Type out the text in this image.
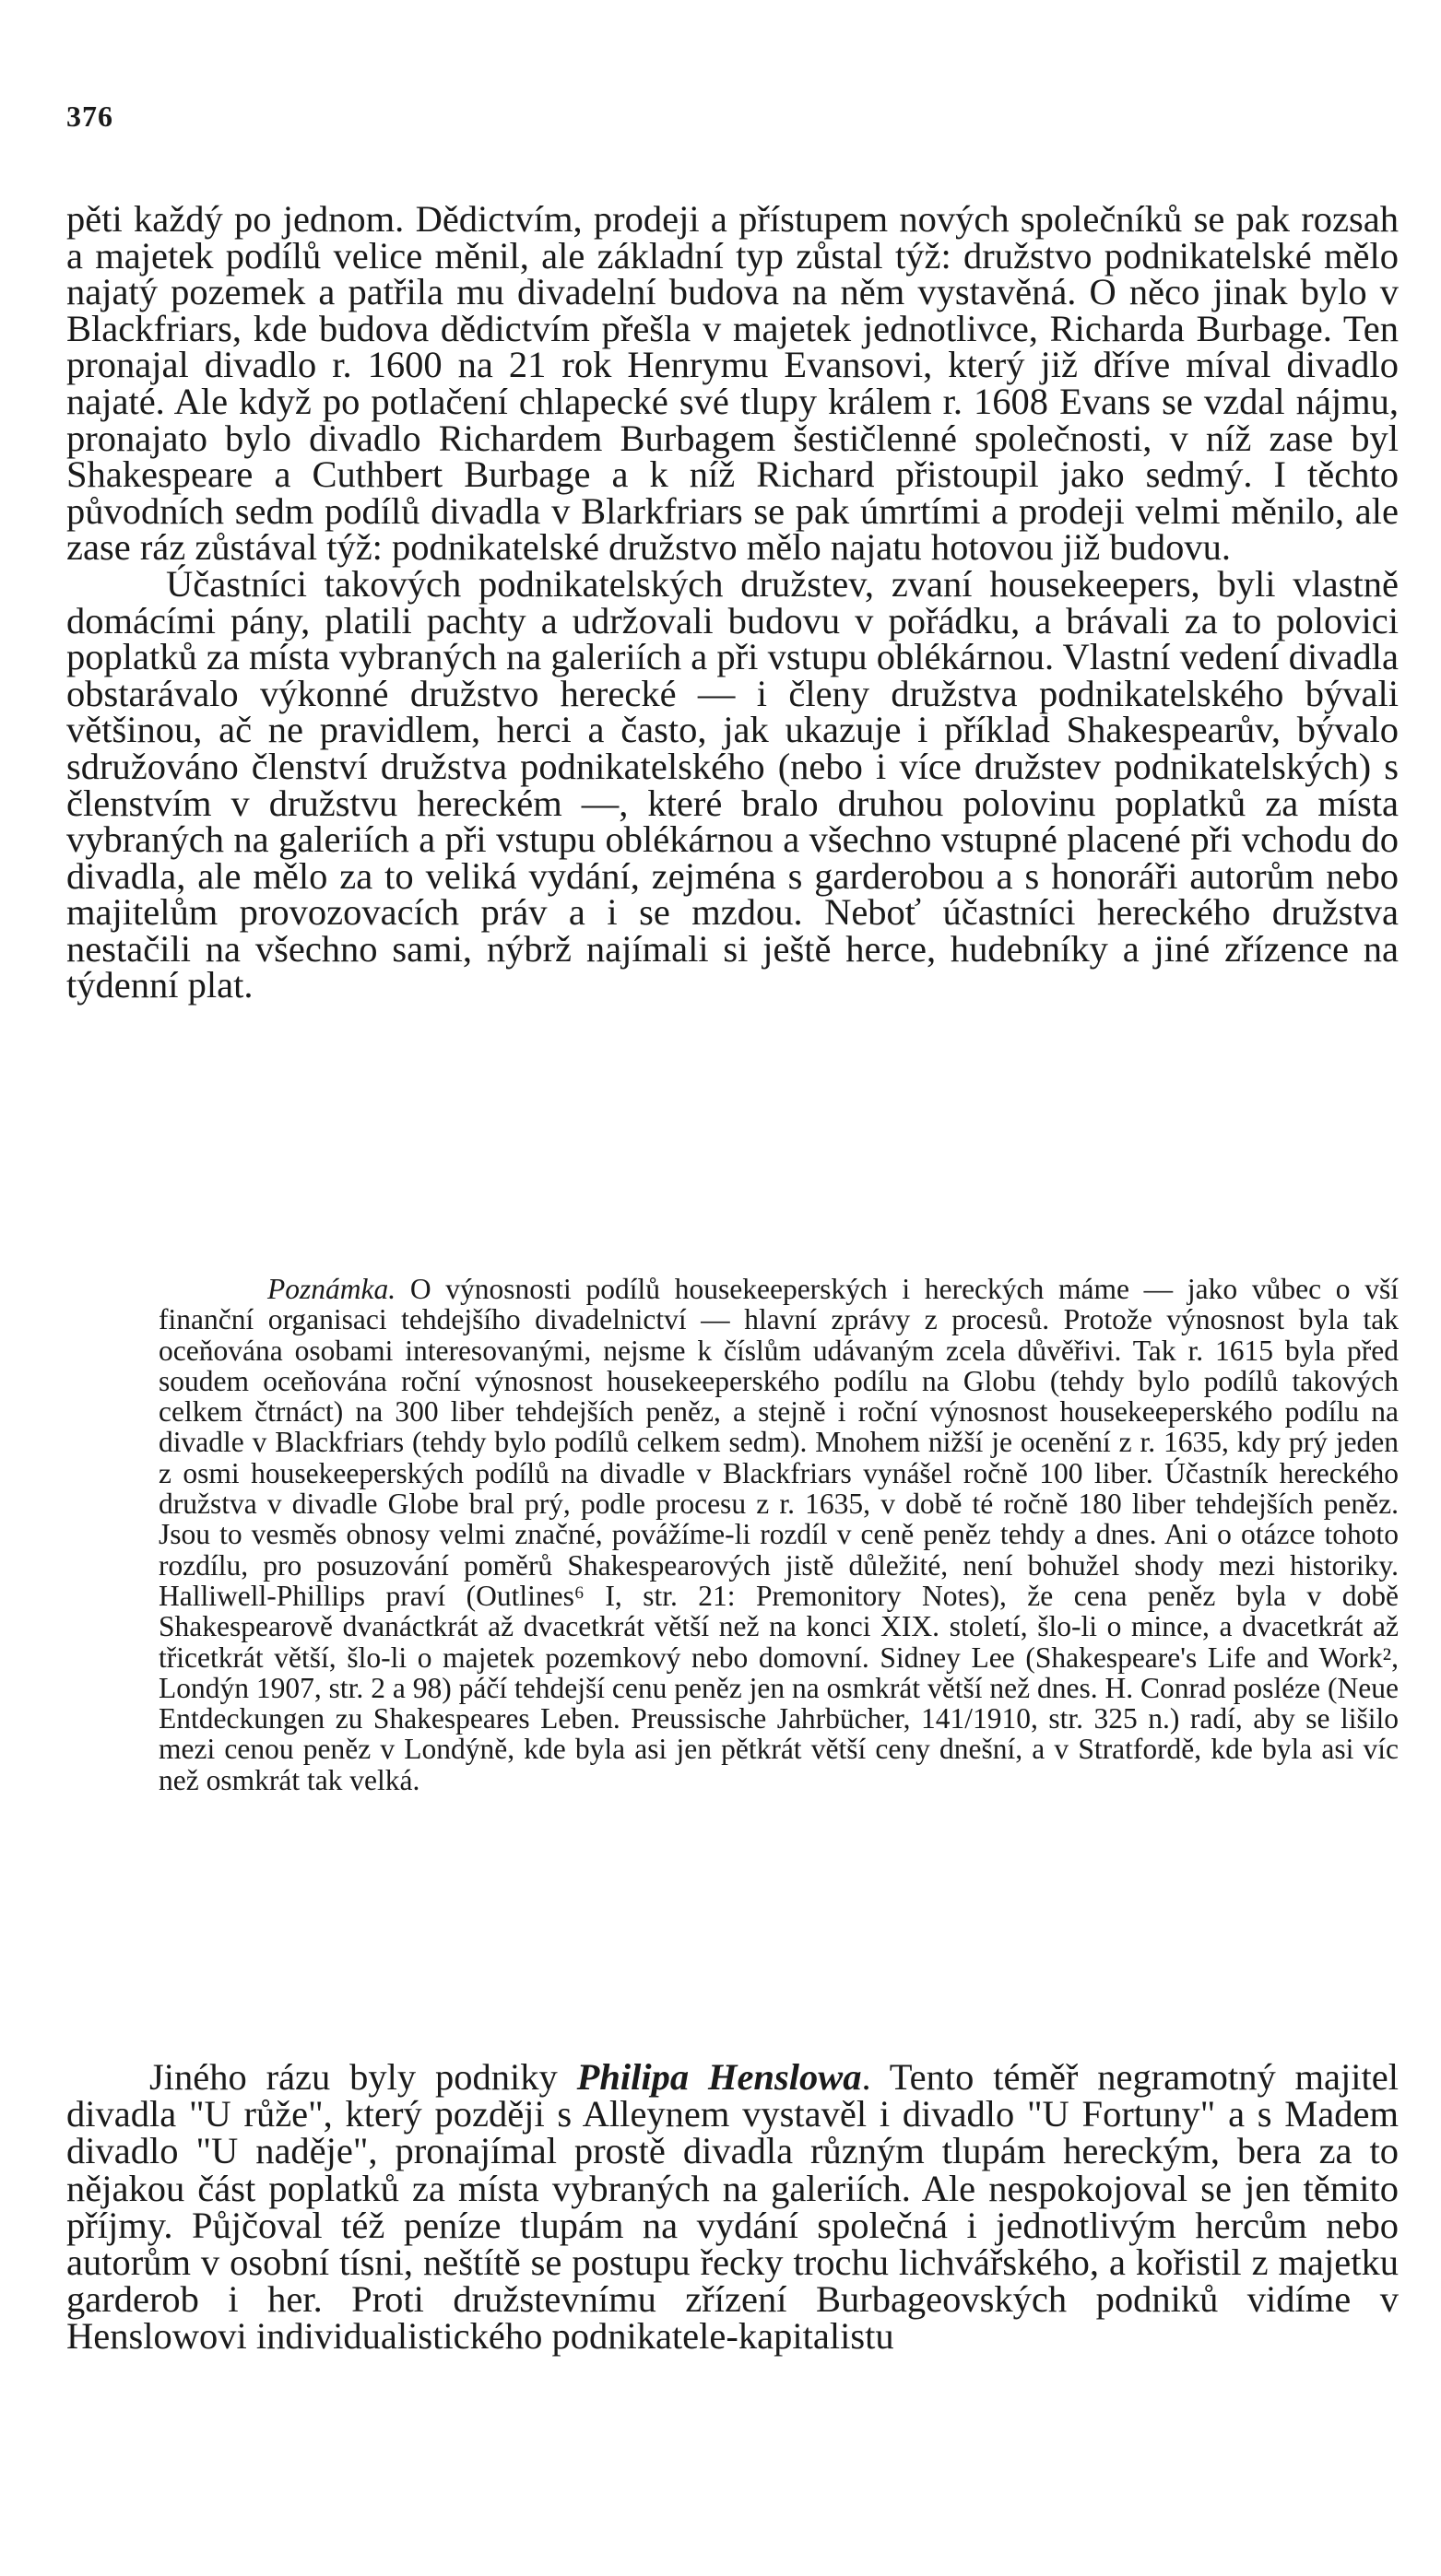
376

pěti každý po jednom. Dědictvím, prodeji a přístupem nových společníků se pak rozsah a majetek podílů velice měnil, ale základní typ zůstal týž: družstvo podnikatelské mělo najatý pozemek a patřila mu divadelní budova na něm vystavěná. O něco jinak bylo v Blackfriars, kde budova dědictvím přešla v majetek jednotlivce, Richarda Burbage. Ten pronajal divadlo r. 1600 na 21 rok Henrymu Evansovi, který již dříve míval divadlo najaté. Ale když po potlačení chlapecké své tlupy králem r. 1608 Evans se vzdal nájmu, pronajato bylo divadlo Richardem Burbagem šestičlenné společnosti, v níž zase byl Shakespeare a Cuthbert Burbage a k níž Richard přistoupil jako sedmý. I těchto původních sedm podílů divadla v Blarkfriars se pak úmrtími a prodeji velmi měnilo, ale zase ráz zůstával týž: podnikatelské družstvo mělo najatu hotovou již budovu.

Účastníci takových podnikatelských družstev, zvaní housekeepers, byli vlastně domácími pány, platili pachty a udržovali budovu v pořádku, a brávali za to polovici poplatků za místa vybraných na galeriích a při vstupu oblékárnou. Vlastní vedení divadla obstarávalo výkonné družstvo herecké — i členy družstva podnikatelského bývali většinou, ač ne pravidlem, herci a často, jak ukazuje i příklad Shakespearův, bývalo sdružováno členství družstva podnikatelského (nebo i více družstev podnikatelských) s členstvím v družstvu hereckém —, které bralo druhou polovinu poplatků za místa vybraných na galeriích a při vstupu oblékárnou a všechno vstupné placené při vchodu do divadla, ale mělo za to veliká vydání, zejména s garderobou a s honoráři autorům nebo majitelům provozovacích práv a i se mzdou. Neboť účastníci hereckého družstva nestačili na všechno sami, nýbrž najímali si ještě herce, hudebníky a jiné zřízence na týdenní plat.

Poznámka. O výnosnosti podílů housekeeperských i hereckých máme — jako vůbec o vší finanční organisaci tehdejšího divadelnictví — hlavní zprávy z procesů. Protože výnosnost byla tak oceňována osobami interesovanými, nejsme k číslům udávaným zcela důvěřivi. Tak r. 1615 byla před soudem oceňována roční výnosnost housekeeperského podílu na Globu (tehdy bylo podílů takových celkem čtrnáct) na 300 liber tehdejších peněz, a stejně i roční výnosnost housekeeperského podílu na divadle v Blackfriars (tehdy bylo podílů celkem sedm). Mnohem nižší je ocenění z r. 1635, kdy prý jeden z osmi housekeeperských podílů na divadle v Blackfriars vynášel ročně 100 liber. Účastník hereckého družstva v divadle Globe bral prý, podle procesu z r. 1635, v době té ročně 180 liber tehdejších peněz. Jsou to vesměs obnosy velmi značné, povážíme-li rozdíl v ceně peněz tehdy a dnes. Ani o otázce tohoto rozdílu, pro posuzování poměrů Shakespearových jistě důležité, není bohužel shody mezi historiky. Halliwell-Phillips praví (Outlines⁶ I, str. 21: Premonitory Notes), že cena peněz byla v době Shakespearově dvanáctkrát až dvacetkrát větší než na konci XIX. století, šlo-li o mince, a dvacetkrát až třicetkrát větší, šlo-li o majetek pozemkový nebo domovní. Sidney Lee (Shakespeare's Life and Work², Londýn 1907, str. 2 a 98) páčí tehdejší cenu peněz jen na osmkrát větší než dnes. H. Conrad posléze (Neue Entdeckungen zu Shakespeares Leben. Preussische Jahrbücher, 141/1910, str. 325 n.) radí, aby se lišilo mezi cenou peněz v Londýně, kde byla asi jen pětkrát větší ceny dnešní, a v Stratfordě, kde byla asi víc než osmkrát tak velká.

Jiného rázu byly podniky Philipa Henslowa. Tento téměř negramotný majitel divadla "U růže", který později s Alleynem vystavěl i divadlo "U Fortuny" a s Madem divadlo "U naděje", pronajímal prostě divadla různým tlupám hereckým, bera za to nějakou část poplatků za místa vybraných na galeriích. Ale nespokojoval se jen těmito příjmy. Půjčoval též peníze tlupám na vydání společná i jednotlivým hercům nebo autorům v osobní tísni, neštítě se postupu řecky trochu lichvářského, a kořistil z majetku garderob i her. Proti družstevnímu zřízení Burbageovských podniků vidíme v Henslowovi individualistického podnikatele-kapitalistu
